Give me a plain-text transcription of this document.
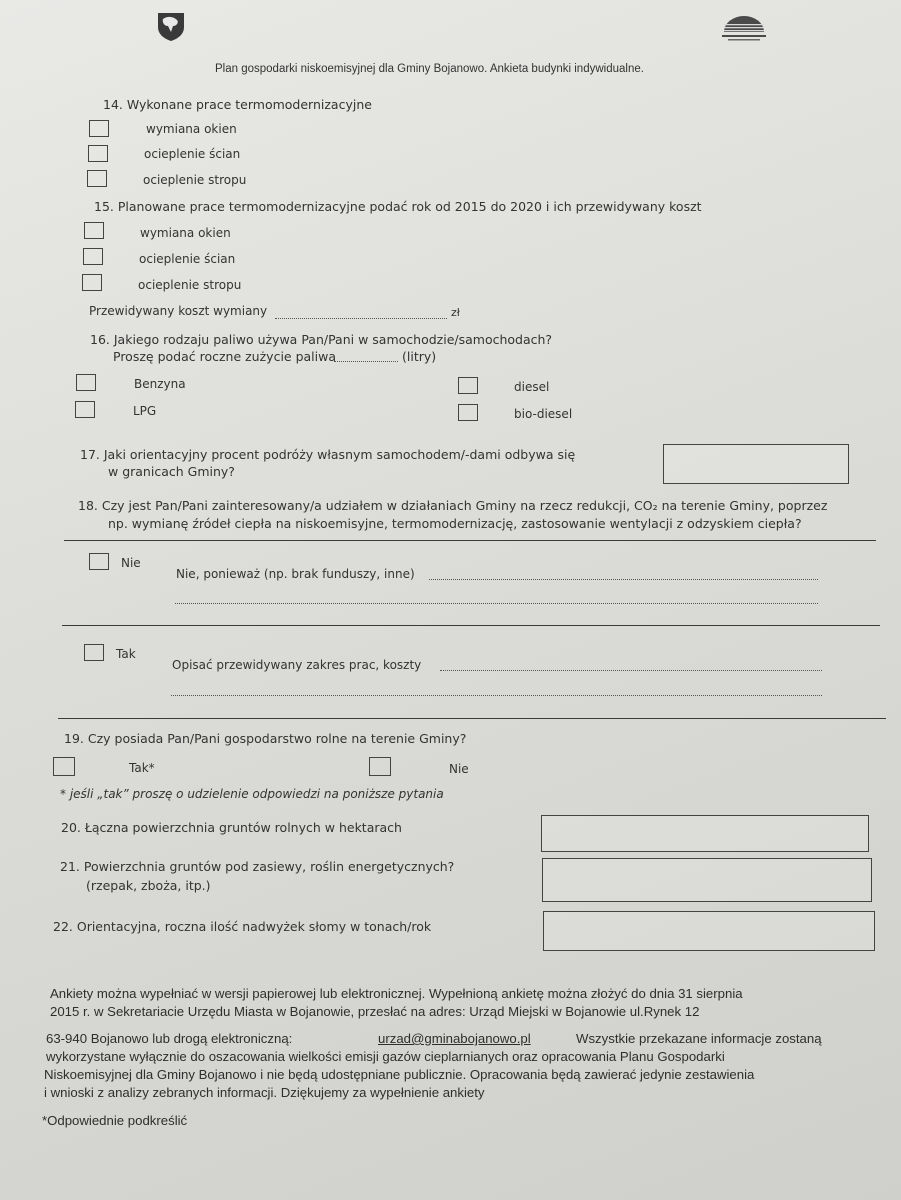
Plan gospodarki niskoemisyjnej dla Gminy Bojanowo. Ankieta budynki indywidualne.
14. Wykonane prace termomodernizacyjne
wymiana okien
ocieplenie ścian
ocieplenie stropu
15. Planowane prace termomodernizacyjne podać rok od 2015 do 2020 i ich przewidywany koszt
wymiana okien
ocieplenie ścian
ocieplenie stropu
Przewidywany koszt wymiany	zł
16. Jakiego rodzaju paliwo używa Pan/Pani w samochodzie/samochodach?
Proszę podać roczne zużycie paliwa	(litry)
Benzyna
LPG
diesel
bio-diesel
17. Jaki orientacyjny procent podróży własnym samochodem/-dami odbywa się
w granicach Gminy?
18. Czy jest Pan/Pani zainteresowany/a udziałem w działaniach Gminy na rzecz redukcji, CO₂ na terenie Gminy, poprzez
np. wymianę źródeł ciepła na niskoemisyjne, termomodernizację, zastosowanie wentylacji z odzyskiem ciepła?
Nie
Nie, ponieważ (np. brak funduszy, inne)
Tak
Opisać przewidywany zakres prac, koszty
19. Czy posiada Pan/Pani gospodarstwo rolne na terenie Gminy?
Tak*	Nie
* jeśli „tak” proszę o udzielenie odpowiedzi na poniższe pytania
20. Łączna powierzchnia gruntów rolnych w hektarach
21. Powierzchnia gruntów pod zasiewy, roślin energetycznych?
(rzepak, zboża, itp.)
22. Orientacyjna, roczna ilość nadwyżek słomy w tonach/rok
Ankiety można wypełniać w wersji papierowej lub elektronicznej. Wypełnioną ankietę można złożyć do dnia 31 sierpnia
2015 r. w Sekretariacie Urzędu Miasta w Bojanowie, przesłać na adres: Urząd Miejski w Bojanowie ul.Rynek 12
63-940 Bojanowo lub drogą elektroniczną:	urzad@gminabojanowo.pl	Wszystkie przekazane informacje zostaną
wykorzystane wyłącznie do oszacowania wielkości emisji gazów cieplarnianych oraz opracowania Planu Gospodarki
Niskoemisyjnej dla Gminy Bojanowo i nie będą udostępniane publicznie. Opracowania będą zawierać jedynie zestawienia
i wnioski z analizy zebranych informacji. Dziękujemy za wypełnienie ankiety
*Odpowiednie podkreślić
